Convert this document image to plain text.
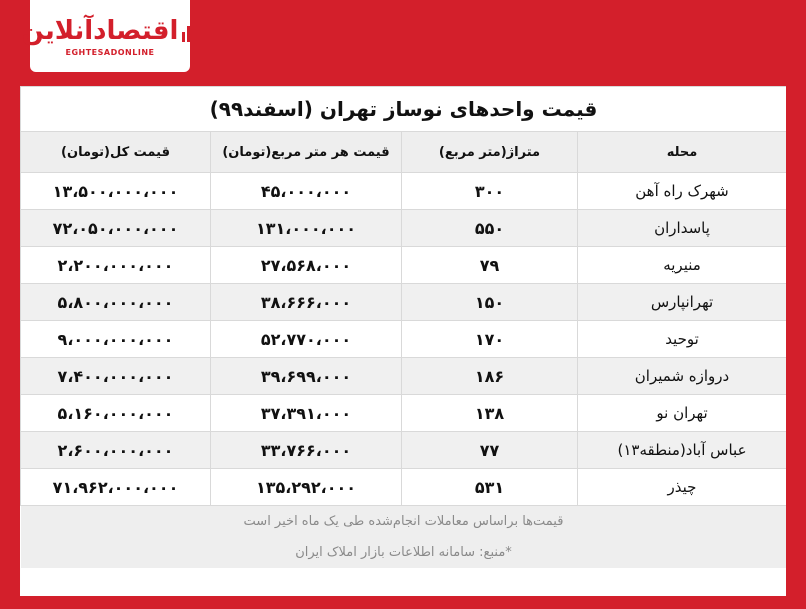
اقتصادآنلاین
EGHTESADONLINE
قیمت واحدهای نوساز تهران (اسفند۹۹)			
محله	متراژ(متر مربع)	قیمت هر متر مربع(تومان)	قیمت کل(تومان)
شهرک راه آهن	۳۰۰	۴۵،۰۰۰،۰۰۰	۱۳،۵۰۰،۰۰۰،۰۰۰
پاسداران	۵۵۰	۱۳۱،۰۰۰،۰۰۰	۷۲،۰۵۰،۰۰۰،۰۰۰
منیریه	۷۹	۲۷،۵۶۸،۰۰۰	۲،۲۰۰،۰۰۰،۰۰۰
تهرانپارس	۱۵۰	۳۸،۶۶۶،۰۰۰	۵،۸۰۰،۰۰۰،۰۰۰
توحید	۱۷۰	۵۲،۷۷۰،۰۰۰	۹،۰۰۰،۰۰۰،۰۰۰
دروازه شمیران	۱۸۶	۳۹،۶۹۹،۰۰۰	۷،۴۰۰،۰۰۰،۰۰۰
تهران نو	۱۳۸	۳۷،۳۹۱،۰۰۰	۵،۱۶۰،۰۰۰،۰۰۰
عباس آباد(منطقه۱۳)	۷۷	۳۳،۷۶۶،۰۰۰	۲،۶۰۰،۰۰۰،۰۰۰
چیذر	۵۳۱	۱۳۵،۲۹۲،۰۰۰	۷۱،۹۶۲،۰۰۰،۰۰۰
قیمت‌ها براساس معاملات انجام‌شده طی یک ماه اخیر است			
*منبع: سامانه اطلاعات بازار املاک ایران			
